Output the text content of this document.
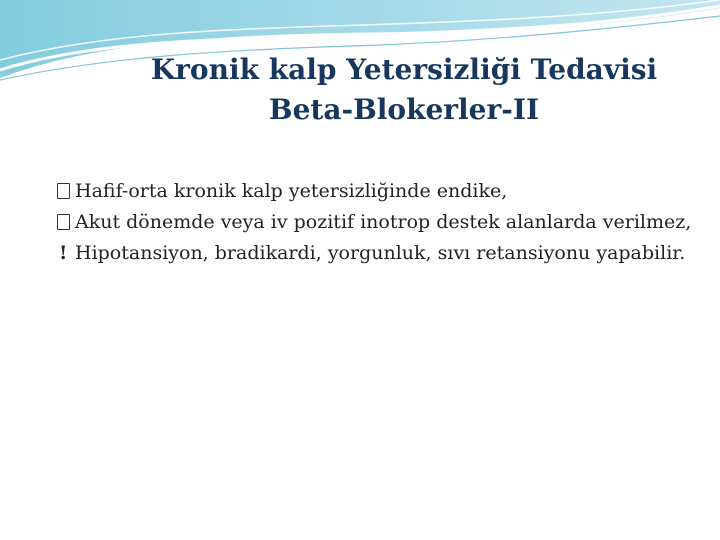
Kronik kalp Yetersizliği Tedavisi
Beta-Blokerler-II
Hafif-orta kronik kalp yetersizliğinde endike,
Akut dönemde veya iv pozitif inotrop destek alanlarda verilmez,
! Hipotansiyon, bradikardi, yorgunluk, sıvı retansiyonu yapabilir.
